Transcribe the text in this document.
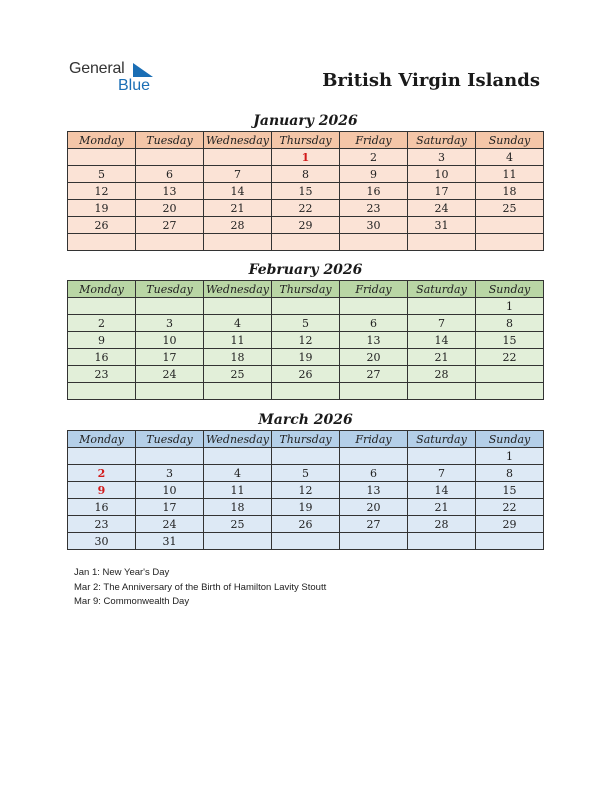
General
Blue	British Virgin Islands
January 2026
Monday	Tuesday	Wednesday	Thursday	Friday	Saturday	Sunday
			1	2	3	4
5	6	7	8	9	10	11
12	13	14	15	16	17	18
19	20	21	22	23	24	25
26	27	28	29	30	31	

February 2026
Monday	Tuesday	Wednesday	Thursday	Friday	Saturday	Sunday
						1
2	3	4	5	6	7	8
9	10	11	12	13	14	15
16	17	18	19	20	21	22
23	24	25	26	27	28	

March 2026
Monday	Tuesday	Wednesday	Thursday	Friday	Saturday	Sunday
						1
2	3	4	5	6	7	8
9	10	11	12	13	14	15
16	17	18	19	20	21	22
23	24	25	26	27	28	29
30	31					
Jan 1: New Year's Day
Mar 2: The Anniversary of the Birth of Hamilton Lavity Stoutt
Mar 9: Commonwealth Day
